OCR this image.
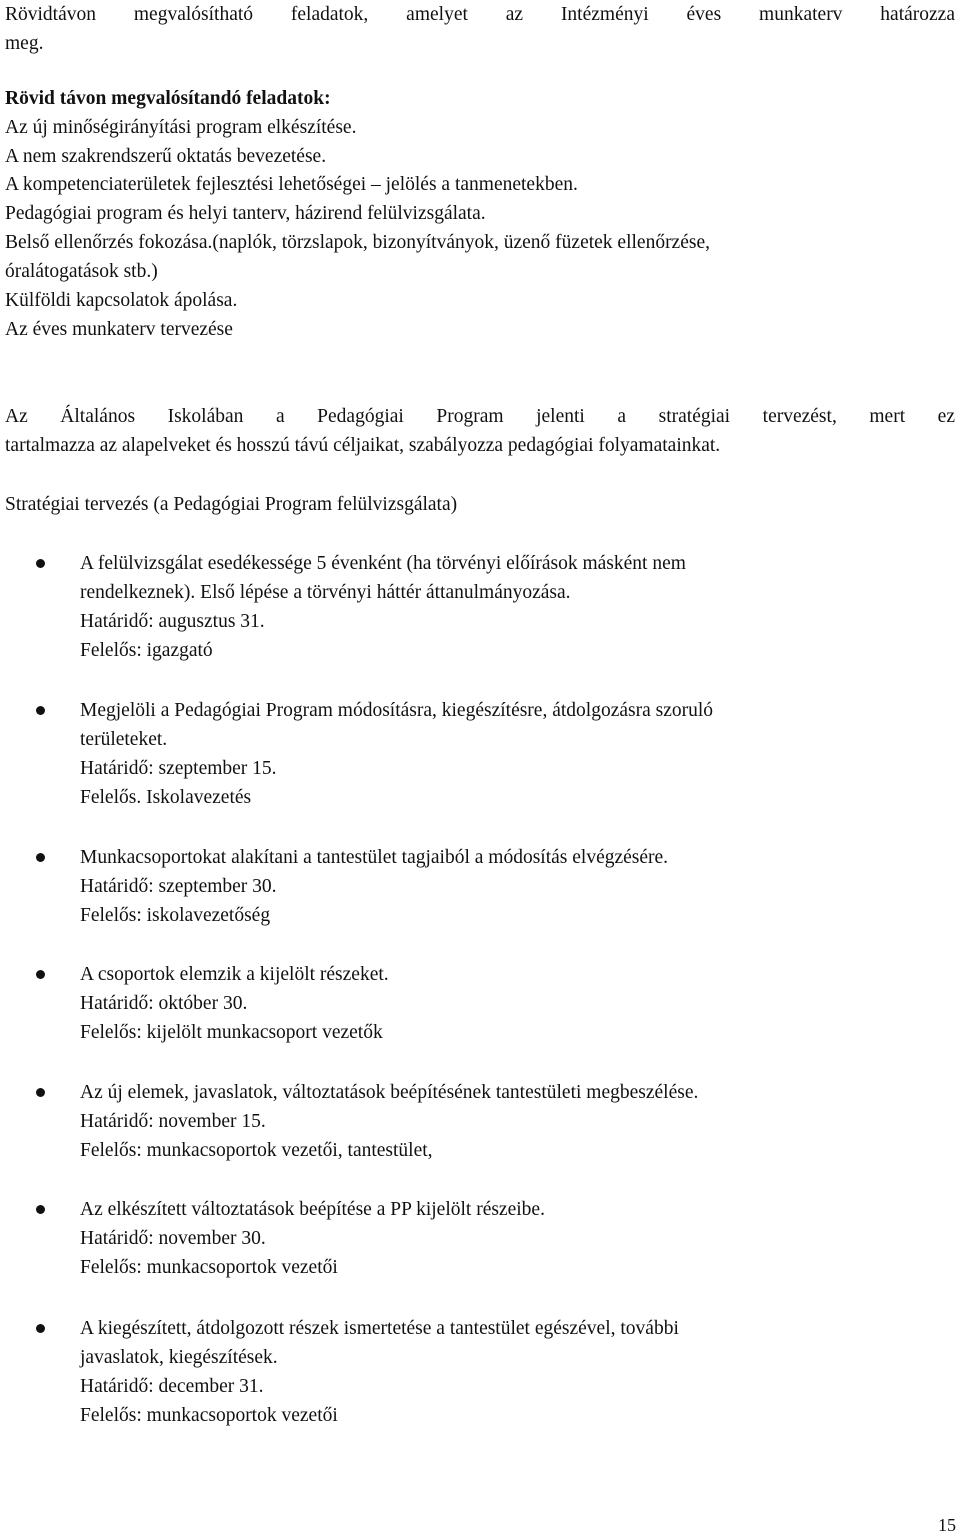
Rövidtávon megvalósítható feladatok, amelyet az Intézményi éves munkaterv határozza
meg.
Rövid távon megvalósítandó feladatok:
Az új minőségirányítási program elkészítése.
A nem szakrendszerű oktatás bevezetése.
A kompetenciaterületek fejlesztési lehetőségei – jelölés a tanmenetekben.
Pedagógiai program és helyi tanterv, házirend felülvizsgálata.
Belső ellenőrzés fokozása.(naplók, törzslapok, bizonyítványok, üzenő füzetek ellenőrzése,
óralátogatások stb.)
Külföldi kapcsolatok ápolása.
Az éves munkaterv tervezése
Az Általános Iskolában a Pedagógiai Program jelenti a stratégiai tervezést, mert ez
tartalmazza az alapelveket és hosszú távú céljaikat, szabályozza pedagógiai folyamatainkat.
Stratégiai tervezés (a Pedagógiai Program felülvizsgálata)
A felülvizsgálat esedékessége 5 évenként (ha törvényi előírások másként nem
rendelkeznek). Első lépése a törvényi háttér áttanulmányozása.
Határidő: augusztus 31.
Felelős: igazgató
Megjelöli a Pedagógiai Program módosításra, kiegészítésre, átdolgozásra szoruló
területeket.
Határidő: szeptember 15.
Felelős. Iskolavezetés
Munkacsoportokat alakítani a tantestület tagjaiból a módosítás elvégzésére.
Határidő: szeptember 30.
Felelős: iskolavezetőség
A csoportok elemzik a kijelölt részeket.
Határidő: október 30.
Felelős: kijelölt munkacsoport vezetők
Az új elemek, javaslatok, változtatások beépítésének tantestületi megbeszélése.
Határidő: november 15.
Felelős: munkacsoportok vezetői, tantestület,
Az elkészített változtatások beépítése a PP kijelölt részeibe.
Határidő: november 30.
Felelős: munkacsoportok vezetői
A kiegészített, átdolgozott részek ismertetése a tantestület egészével, további
javaslatok, kiegészítések.
Határidő: december 31.
Felelős: munkacsoportok vezetői
15
